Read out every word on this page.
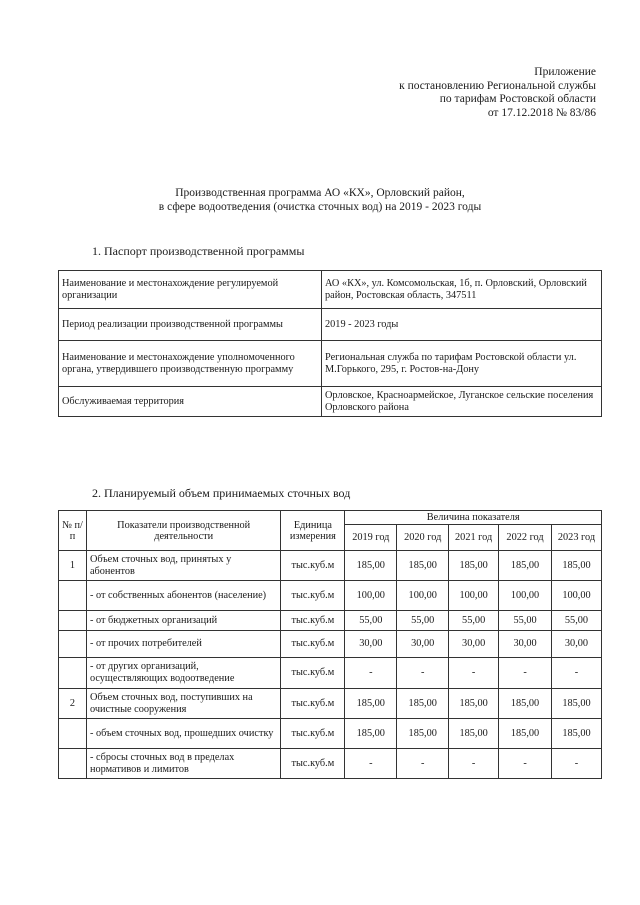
Приложение
к постановлению Региональной службы
по тарифам Ростовской области
от 17.12.2018 № 83/86
Производственная программа АО «КХ», Орловский район,
в сфере водоотведения (очистка сточных вод) на 2019 - 2023 годы
1. Паспорт производственной программы
Наименование и местонахождение регулируемой организации	АО «КХ», ул. Комсомольская, 1б, п. Орловский, Орловский район, Ростовская область, 347511
Период реализации производственной программы	2019 - 2023 годы
Наименование и местонахождение уполномоченного органа, утвердившего производственную программу	Региональная служба по тарифам Ростовской области ул. М.Горького, 295, г. Ростов-на-Дону
Обслуживаемая территория	Орловское, Красноармейское, Луганское сельские поселения Орловского района
2. Планируемый объем принимаемых сточных вод
№ п/п	Показатели производственной деятельности	Единица измерения	Величина показателя				
			2019 год	2020 год	2021 год	2022 год	2023 год
1	Объем сточных вод, принятых у абонентов	тыс.куб.м	185,00	185,00	185,00	185,00	185,00
	- от собственных абонентов (население)	тыс.куб.м	100,00	100,00	100,00	100,00	100,00
	- от бюджетных организаций	тыс.куб.м	55,00	55,00	55,00	55,00	55,00
	- от прочих потребителей	тыс.куб.м	30,00	30,00	30,00	30,00	30,00
	- от других организаций, осуществляющих водоотведение	тыс.куб.м	-	-	-	-	-
2	Объем сточных вод, поступивших на очистные сооружения	тыс.куб.м	185,00	185,00	185,00	185,00	185,00
	- объем сточных вод, прошедших очистку	тыс.куб.м	185,00	185,00	185,00	185,00	185,00
	- сбросы сточных вод в пределах нормативов и лимитов	тыс.куб.м	-	-	-	-	-
